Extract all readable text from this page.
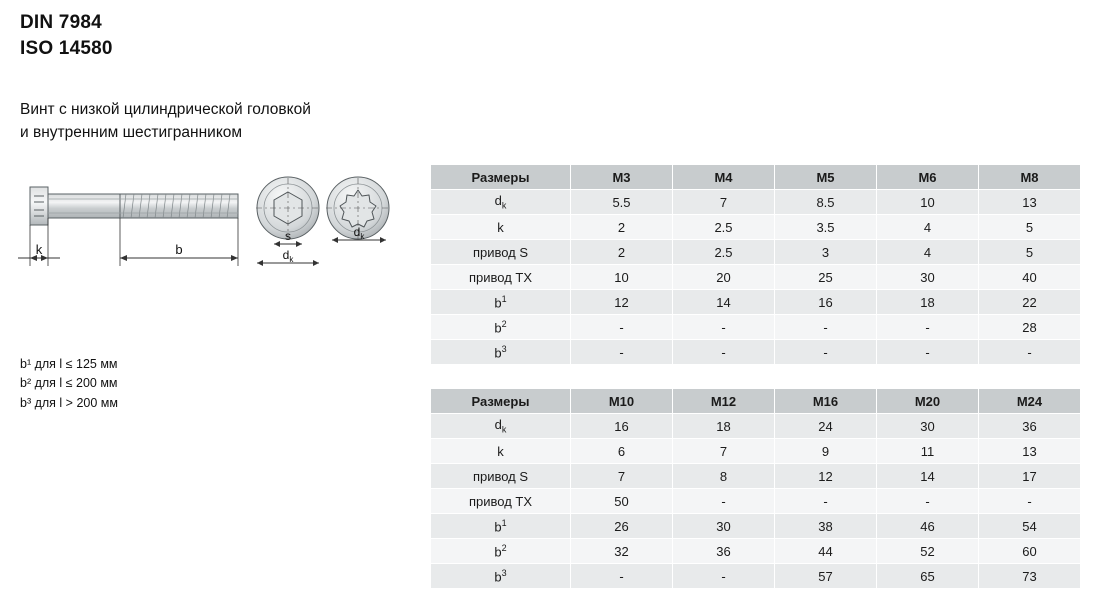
DIN 7984
ISO 14580
Винт с низкой цилиндрической головкой
и внутренним шестигранником
k	b
s
$d_k$
$d_k$
b¹ для l ≤ 125 мм
b² для l ≤ 200 мм
b³ для l > 200 мм
Размеры	M3	M4	M5	M6	M8
$d_k$	5.5	7	8.5	10	13
k	2	2.5	3.5	4	5
привод S	2	2.5	3	4	5
привод TX	10	20	25	30	40
$b^1$	12	14	16	18	22
$b^2$	-	-	-	-	28
$b^3$	-	-	-	-	-
Размеры	M10	M12	M16	M20	M24
$d_k$	16	18	24	30	36
k	6	7	9	11	13
привод S	7	8	12	14	17
привод TX	50	-	-	-	-
$b^1$	26	30	38	46	54
$b^2$	32	36	44	52	60
$b^3$	-	-	57	65	73
